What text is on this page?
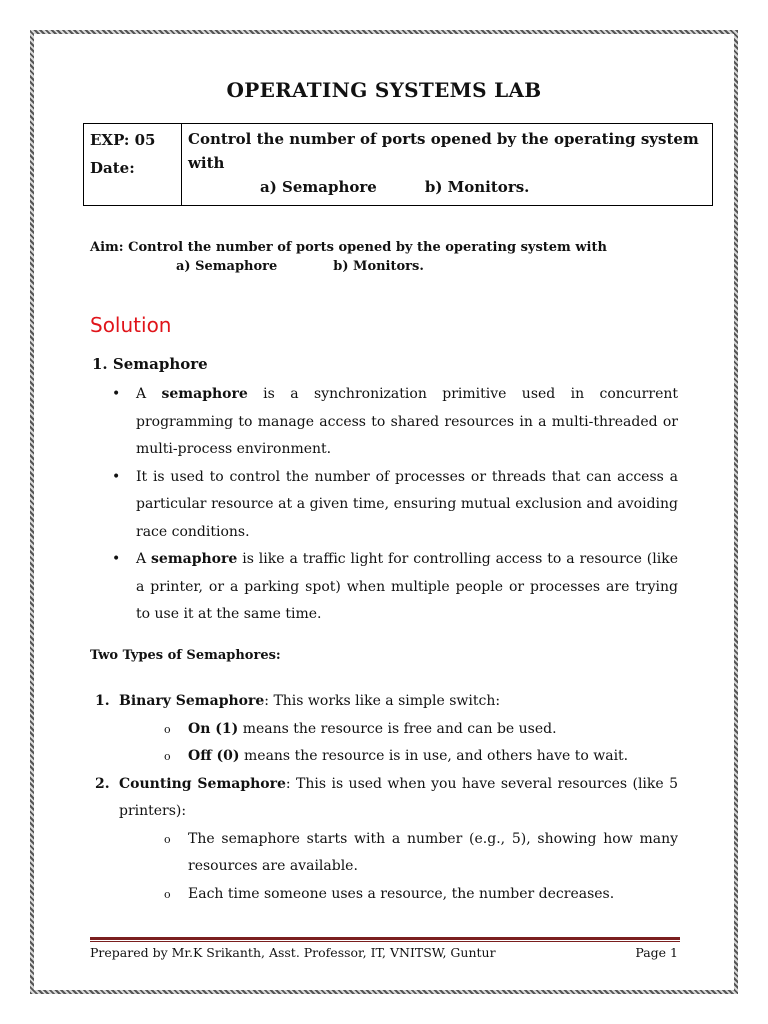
OPERATING SYSTEMS LAB
EXP: 05
Date:
Control the number of ports opened by the operating system with
a) Semaphore	b) Monitors.
Aim: Control the number of ports opened by the operating system with
a) Semaphore	b) Monitors.
Solution
1. Semaphore
• A semaphore is a synchronization primitive used in concurrent programming to manage access to shared resources in a multi-threaded or multi-process environment.
• It is used to control the number of processes or threads that can access a particular resource at a given time, ensuring mutual exclusion and avoiding race conditions.
• A semaphore is like a traffic light for controlling access to a resource (like a printer, or a parking spot) when multiple people or processes are trying to use it at the same time.
Two Types of Semaphores:
1. Binary Semaphore: This works like a simple switch:
o On (1) means the resource is free and can be used.
o Off (0) means the resource is in use, and others have to wait.
2. Counting Semaphore: This is used when you have several resources (like 5 printers):
o The semaphore starts with a number (e.g., 5), showing how many resources are available.
o Each time someone uses a resource, the number decreases.
Prepared by Mr.K Srikanth, Asst. Professor, IT, VNITSW, Guntur	Page 1
